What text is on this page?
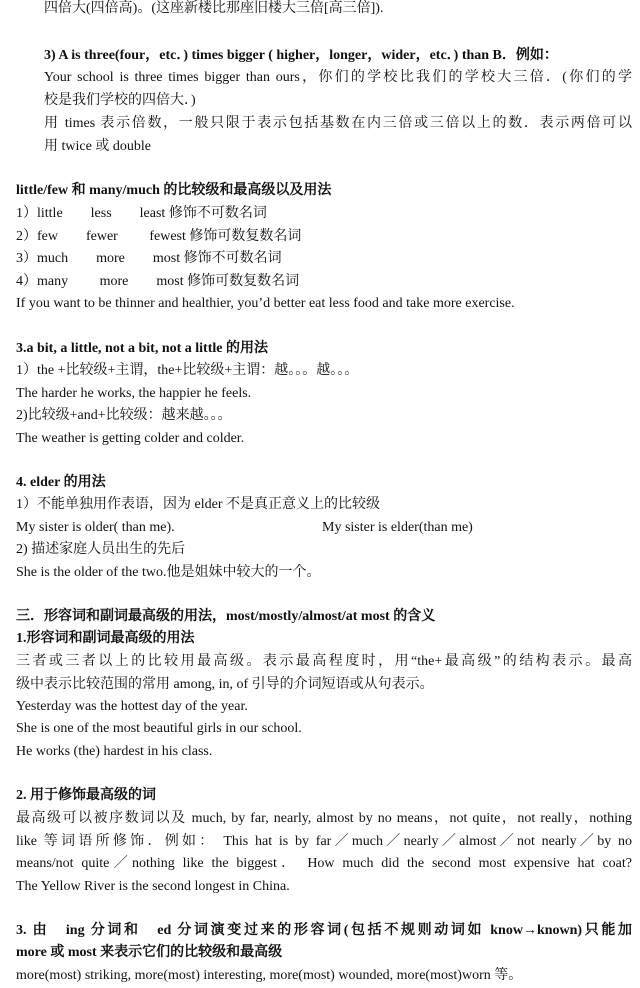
四倍大(四倍高)。(这座新楼比那座旧楼大三倍[高三倍]).
3) A is three(four，etc．) times bigger ( higher，longer，wider，etc．) than B．例如：
Your school is three times bigger than ours，你们的学校比我们的学校大三倍．(你们的学
校是我们学校的四倍大．)
用 times 表示倍数，一般只限于表示包括基数在内三倍或三倍以上的数．表示两倍可以
用 twice 或 double
little/few 和 many/much 的比较级和最高级以及用法
1）little　　less　　least 修饰不可数名词
2）few　　fewer　　 fewest 修饰可数复数名词
3）much　　more　　most 修饰不可数名词
4）many　　 more　　most 修饰可数复数名词
If you want to be thinner and healthier, you’d better eat less food and take more exercise.
3.a bit, a little, not a bit, not a little 的用法
1）the +比较级+主谓，the+比较级+主谓：越。。。越。。。
The harder he works, the happier he feels.
2)比较级+and+比较级：越来越。。。
The weather is getting colder and colder.
4. elder 的用法
1）不能单独用作表语，因为 elder 不是真正意义上的比较级
My sister is older( than me).	My sister is elder(than me)
2) 描述家庭人员出生的先后
She is the older of the two.他是姐妹中较大的一个。
三．形容词和副词最高级的用法，most/mostly/almost/at most 的含义
1.形容词和副词最高级的用法
三者或三者以上的比较用最高级。表示最高程度时，用“the+最高级”的结构表示。最高
级中表示比较范围的常用 among, in, of 引导的介词短语或从句表示。
Yesterday was the hottest day of the year.
She is one of the most beautiful girls in our school.
He works (the) hardest in his class.
2. 用于修饰最高级的词
最高级可以被序数词以及 much, by far, nearly, almost by no means，not quite，not really，nothing
like 等词语所修饰．例如： This hat is by far／much／nearly／almost／not nearly／by no
means/not quite／nothing like the biggest． How much did the second most expensive hat coat?
The Yellow River is the second longest in China.
3. 由　ing 分词和　ed 分词演变过来的形容词(包括不规则动词如 know→known)只能加
more 或 most 来表示它们的比较级和最高级
more(most) striking, more(most) interesting, more(most) wounded, more(most)worn 等。
